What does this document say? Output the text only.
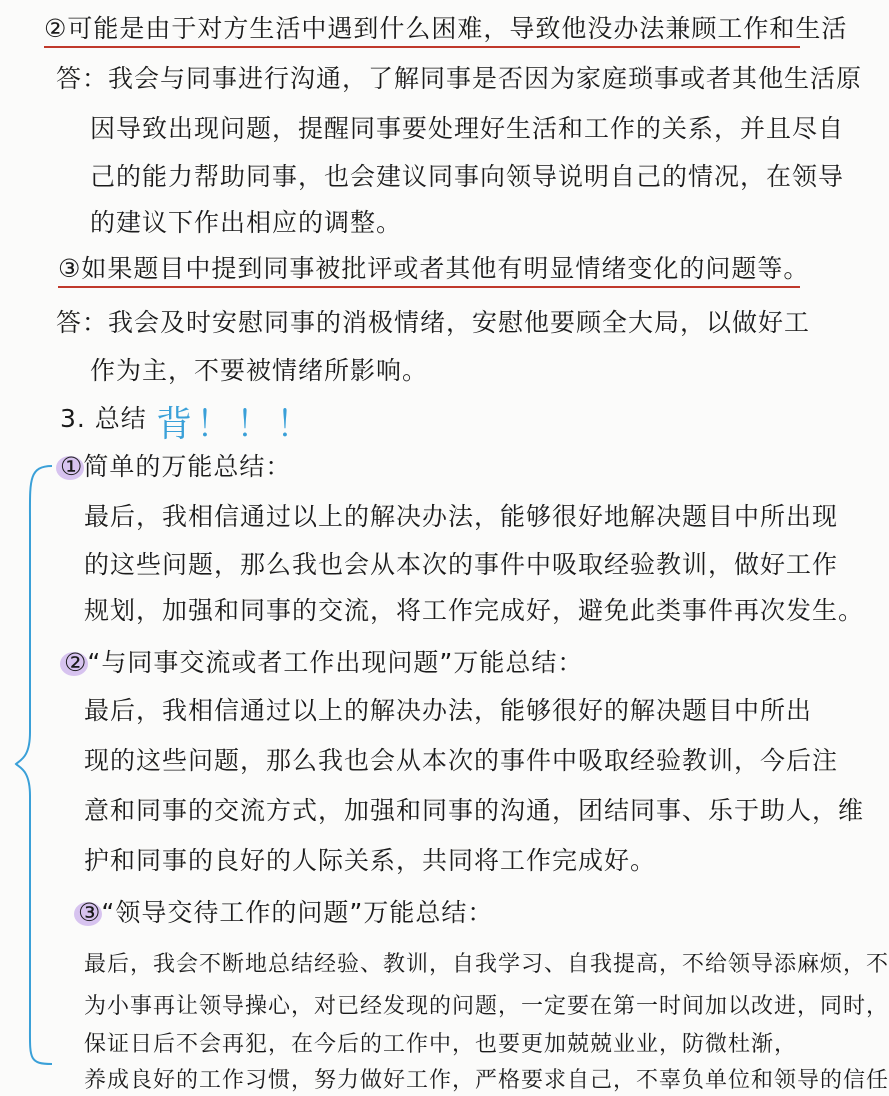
②可能是由于对方生活中遇到什么困难，导致他没办法兼顾工作和生活
答：我会与同事进行沟通，了解同事是否因为家庭琐事或者其他生活原
因导致出现问题，提醒同事要处理好生活和工作的关系，并且尽自
己的能力帮助同事，也会建议同事向领导说明自己的情况，在领导
的建议下作出相应的调整。
③如果题目中提到同事被批评或者其他有明显情绪变化的问题等。
答：我会及时安慰同事的消极情绪，安慰他要顾全大局，以做好工
作为主，不要被情绪所影响。
3. 总结 背！！！
①简单的万能总结：
最后，我相信通过以上的解决办法，能够很好地解决题目中所出现
的这些问题，那么我也会从本次的事件中吸取经验教训，做好工作
规划，加强和同事的交流，将工作完成好，避免此类事件再次发生。
②“与同事交流或者工作出现问题”万能总结：
最后，我相信通过以上的解决办法，能够很好的解决题目中所出
现的这些问题，那么我也会从本次的事件中吸取经验教训，今后注
意和同事的交流方式，加强和同事的沟通，团结同事、乐于助人，维
护和同事的良好的人际关系，共同将工作完成好。
③“领导交待工作的问题”万能总结：
最后，我会不断地总结经验、教训，自我学习、自我提高，不给领导添麻烦，不
为小事再让领导操心，对已经发现的问题，一定要在第一时间加以改进，同时，
保证日后不会再犯，在今后的工作中，也要更加兢兢业业，防微杜渐，
养成良好的工作习惯，努力做好工作，严格要求自己，不辜负单位和领导的信任
